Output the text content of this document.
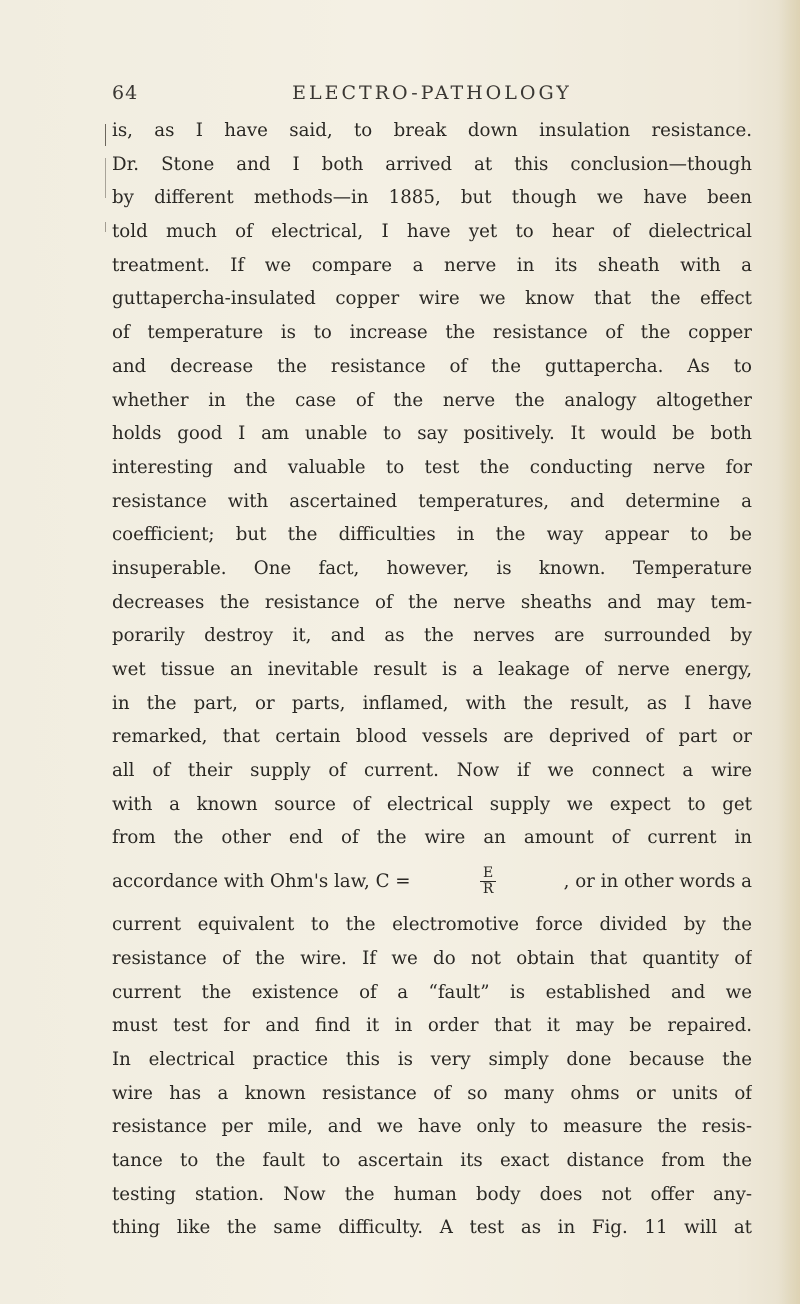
64	ELECTRO-PATHOLOGY
is, as I have said, to break down insulation resistance.
Dr. Stone and I both arrived at this conclusion—though
by different methods—in 1885, but though we have been
told much of electrical, I have yet to hear of dielectrical
treatment. If we compare a nerve in its sheath with a
guttapercha-insulated copper wire we know that the effect
of temperature is to increase the resistance of the copper
and decrease the resistance of the guttapercha. As to
whether in the case of the nerve the analogy altogether
holds good I am unable to say positively. It would be both
interesting and valuable to test the conducting nerve for
resistance with ascertained temperatures, and determine a
coefficient; but the difficulties in the way appear to be
insuperable. One fact, however, is known. Temperature
decreases the resistance of the nerve sheaths and may tem-
porarily destroy it, and as the nerves are surrounded by
wet tissue an inevitable result is a leakage of nerve energy,
in the part, or parts, inflamed, with the result, as I have
remarked, that certain blood vessels are deprived of part or
all of their supply of current. Now if we connect a wire
with a known source of electrical supply we expect to get
from the other end of the wire an amount of current in
accordance with Ohm's law, C =	$\frac{E}{R}$	, or in other words a
current equivalent to the electromotive force divided by the
resistance of the wire. If we do not obtain that quantity of
current the existence of a “fault” is established and we
must test for and find it in order that it may be repaired.
In electrical practice this is very simply done because the
wire has a known resistance of so many ohms or units of
resistance per mile, and we have only to measure the resis-
tance to the fault to ascertain its exact distance from the
testing station. Now the human body does not offer any-
thing like the same difficulty. A test as in Fig. 11 will at
